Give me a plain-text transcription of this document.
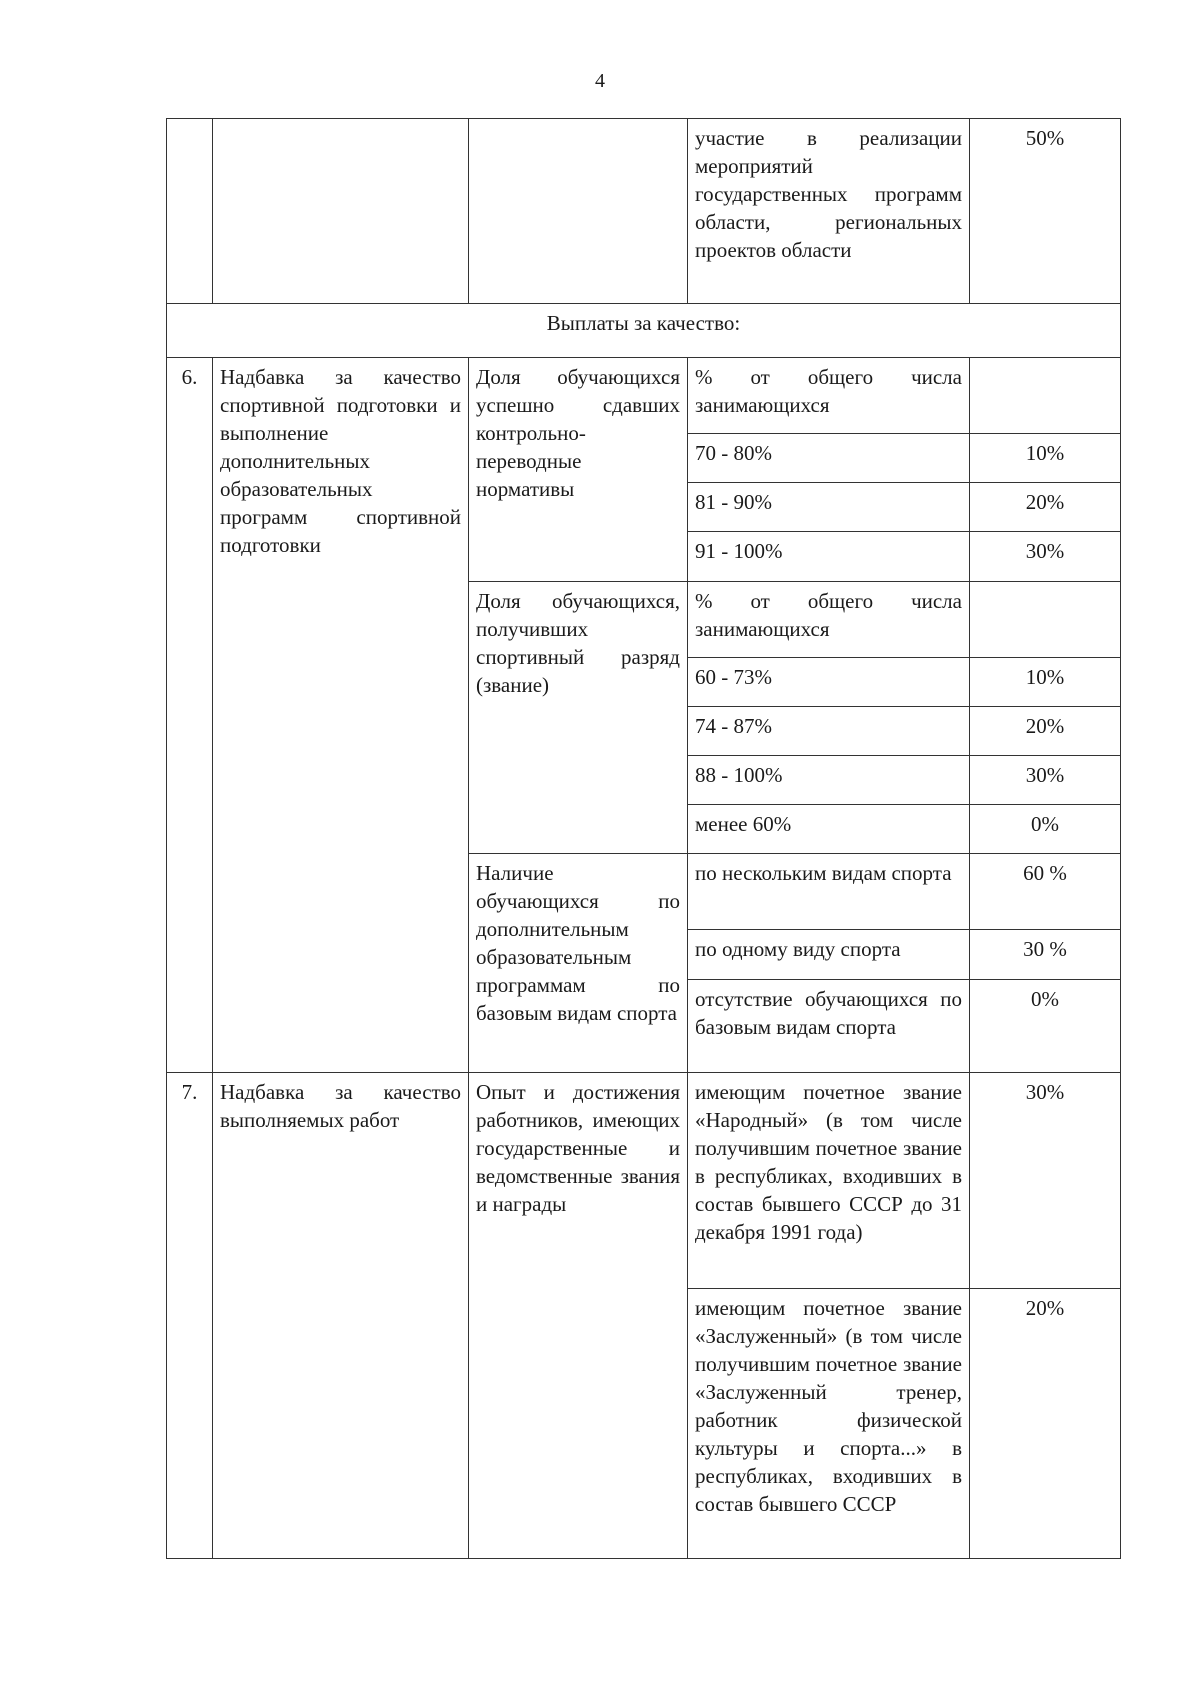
4
			участие в реализации мероприятий государственных программ области, региональных проектов области	50%
Выплаты за качество:				
6.	Надбавка за качество спортивной подготовки и выполнение дополнительных образовательных программ спортивной подготовки	Доля обучающихся успешно сдавших контрольно-переводные нормативы	% от общего числа занимающихся	
			70 - 80%	10%
			81 - 90%	20%
			91 - 100%	30%
		Доля обучающихся, получивших спортивный разряд (звание)	% от общего числа занимающихся	
			60 - 73%	10%
			74 - 87%	20%
			88 - 100%	30%
			менее 60%	0%
		Наличие обучающихся по дополнительным образовательным программам по базовым видам спорта	по нескольким видам спорта	60 %
			по одному виду спорта	30 %
			отсутствие обучающихся по базовым видам спорта	0%

7.	Надбавка за качество выполняемых работ	Опыт и достижения работников, имеющих государственные и ведомственные звания и награды	имеющим почетное звание «Народный» (в том числе получившим почетное звание в республиках, входивших в состав бывшего СССР до 31 декабря 1991 года)	30%
			имеющим почетное звание «Заслуженный» (в том числе получившим почетное звание «Заслуженный тренер, работник физической культуры и спорта...» в республиках, входивших в состав бывшего СССР	20%
